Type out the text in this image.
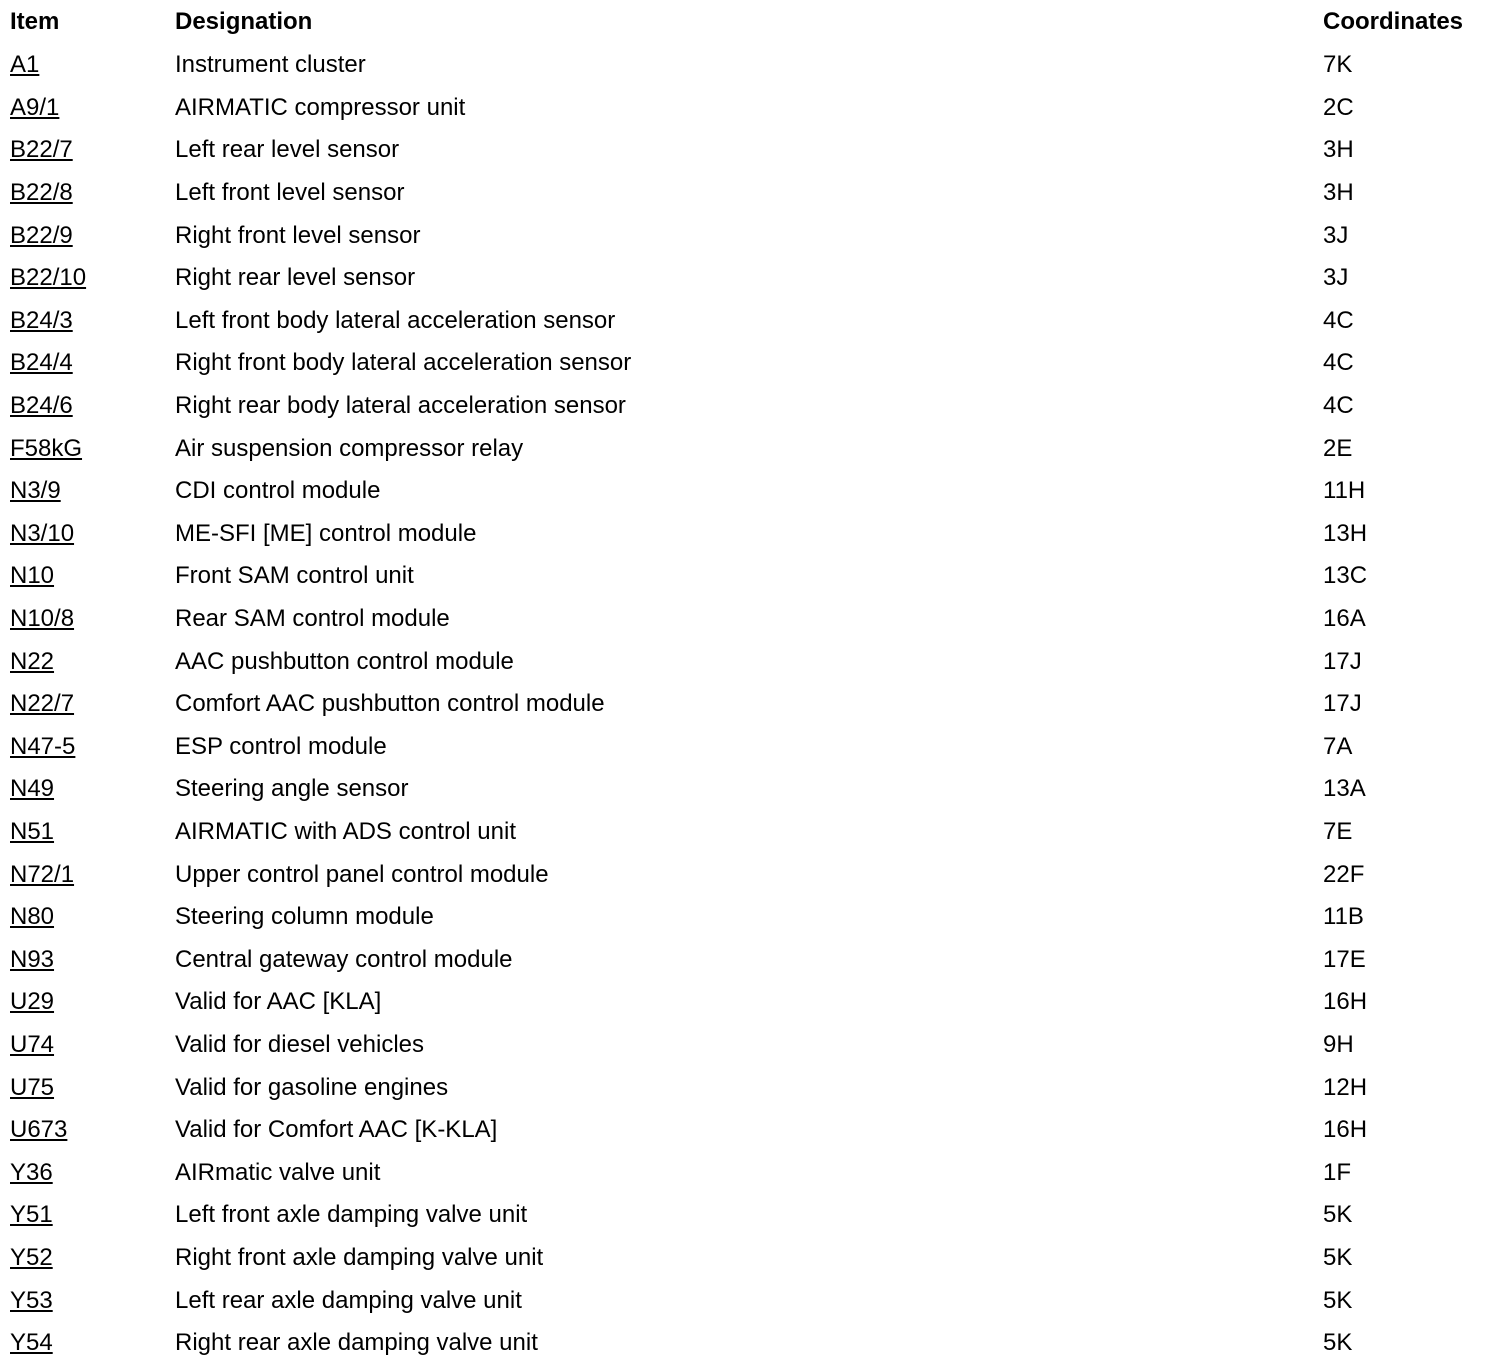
Item	Designation	Coordinates
A1	Instrument cluster	7K
A9/1	AIRMATIC compressor unit	2C
B22/7	Left rear level sensor	3H
B22/8	Left front level sensor	3H
B22/9	Right front level sensor	3J
B22/10	Right rear level sensor	3J
B24/3	Left front body lateral acceleration sensor	4C
B24/4	Right front body lateral acceleration sensor	4C
B24/6	Right rear body lateral acceleration sensor	4C
F58kG	Air suspension compressor relay	2E
N3/9	CDI control module	11H
N3/10	ME-SFI [ME] control module	13H
N10	Front SAM control unit	13C
N10/8	Rear SAM control module	16A
N22	AAC pushbutton control module	17J
N22/7	Comfort AAC pushbutton control module	17J
N47-5	ESP control module	7A
N49	Steering angle sensor	13A
N51	AIRMATIC with ADS control unit	7E
N72/1	Upper control panel control module	22F
N80	Steering column module	11B
N93	Central gateway control module	17E
U29	Valid for AAC [KLA]	16H
U74	Valid for diesel vehicles	9H
U75	Valid for gasoline engines	12H
U673	Valid for Comfort AAC [K-KLA]	16H
Y36	AIRmatic valve unit	1F
Y51	Left front axle damping valve unit	5K
Y52	Right front axle damping valve unit	5K
Y53	Left rear axle damping valve unit	5K
Y54	Right rear axle damping valve unit	5K
